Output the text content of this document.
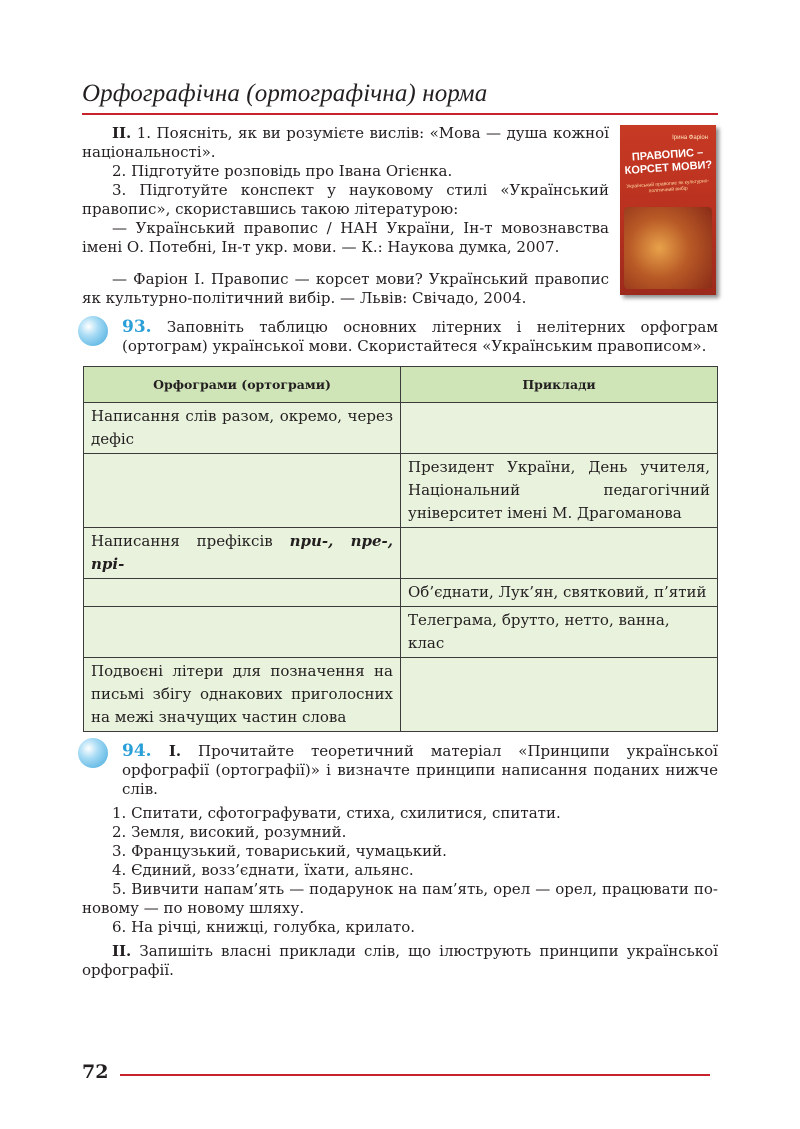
Орфографічна (ортографічна) норма

II. 1. Поясніть, як ви розумієте вислів: «Мова — душа кожної національності».

2. Підготуйте розповідь про Івана Огієнка.

3. Підготуйте конспект у науковому стилі «Український правопис», скориставшись такою літературою:

— Український правопис / НАН України, Ін-т мовознавства імені О. Потебні, Ін-т укр. мови. — К.: Наукова думка, 2007.

— Фаріон І. Правопис — корсет мови? Український правопис як культурно-політичний вибір. — Львів: Свічадо, 2004.

Ірина Фаріон
ПРАВОПИС – КОРСЕТ МОВИ?
Український правопис як культурно-політичний вибір

93. Заповніть таблицю основних літерних і нелітерних орфограм (ортограм) української мови. Скористайтеся «Українським правописом».

Орфограми (ортограми)	Приклади
Написання слів разом, окремо, через дефіс	
	Президент України, День учителя, Національний педагогічний університет імені М. Драгоманова
Написання префіксів при-, пре-, прі-	
	Об’єднати, Лук’ян, святковий, п’ятий
	Телеграма, брутто, нетто, ванна, клас
Подвоєні літери для позначення на письмі збігу однакових приголосних на межі значущих частин слова	

94. I. Прочитайте теоретичний матеріал «Принципи української орфографії (ортографії)» і визначте принципи написання поданих нижче слів.

1. Спитати, сфотографувати, стиха, схилитися, спитати.

2. Земля, високий, розумний.

3. Французький, товариський, чумацький.

4. Єдиний, возз’єднати, їхати, альянс.

5. Вивчити напам’ять — подарунок на пам’ять, орел — орел, працювати по-новому — по новому шляху.

6. На річці, книжці, голубка, крилато.

II. Запишіть власні приклади слів, що ілюструють принципи української орфографії.

72
